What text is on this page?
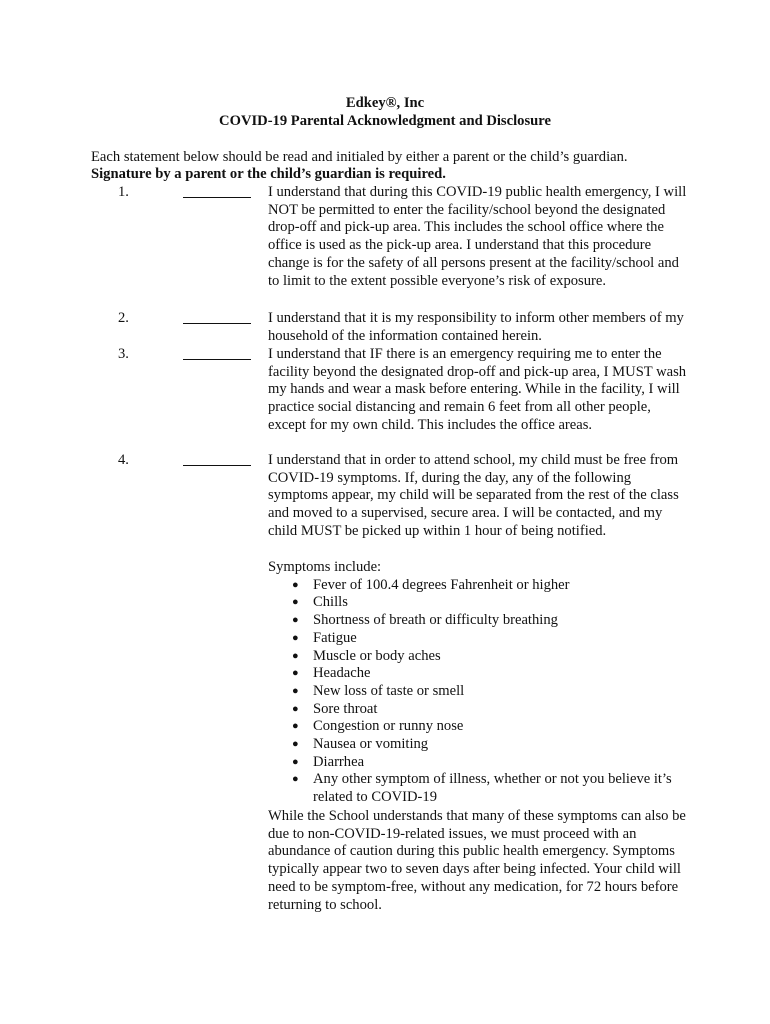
Edkey®, Inc
COVID-19 Parental Acknowledgment and Disclosure
Each statement below should be read and initialed by either a parent or the child’s guardian.
Signature by a parent or the child’s guardian is required.
1.	I understand that during this COVID-19 public health emergency, I will NOT be permitted to enter the facility/school beyond the designated drop-off and pick-up area. This includes the school office where the office is used as the pick-up area. I understand that this procedure change is for the safety of all persons present at the facility/school and to limit to the extent possible everyone’s risk of exposure.
2.	I understand that it is my responsibility to inform other members of my household of the information contained herein.
3.	I understand that IF there is an emergency requiring me to enter the facility beyond the designated drop-off and pick-up area, I MUST wash my hands and wear a mask before entering. While in the facility, I will practice social distancing and remain 6 feet from all other people, except for my own child. This includes the office areas.
4.	I understand that in order to attend school, my child must be free from COVID-19 symptoms. If, during the day, any of the following symptoms appear, my child will be separated from the rest of the class and moved to a supervised, secure area. I will be contacted, and my child MUST be picked up within 1 hour of being notified.

Symptoms include:

● Fever of 100.4 degrees Fahrenheit or higher
● Chills
● Shortness of breath or difficulty breathing
● Fatigue
● Muscle or body aches
● Headache
● New loss of taste or smell
● Sore throat
● Congestion or runny nose
● Nausea or vomiting
● Diarrhea
● Any other symptom of illness, whether or not you believe it’s related to COVID-19
While the School understands that many of these symptoms can also be due to non-COVID-19-related issues, we must proceed with an abundance of caution during this public health emergency. Symptoms typically appear two to seven days after being infected. Your child will need to be symptom-free, without any medication, for 72 hours before returning to school.
